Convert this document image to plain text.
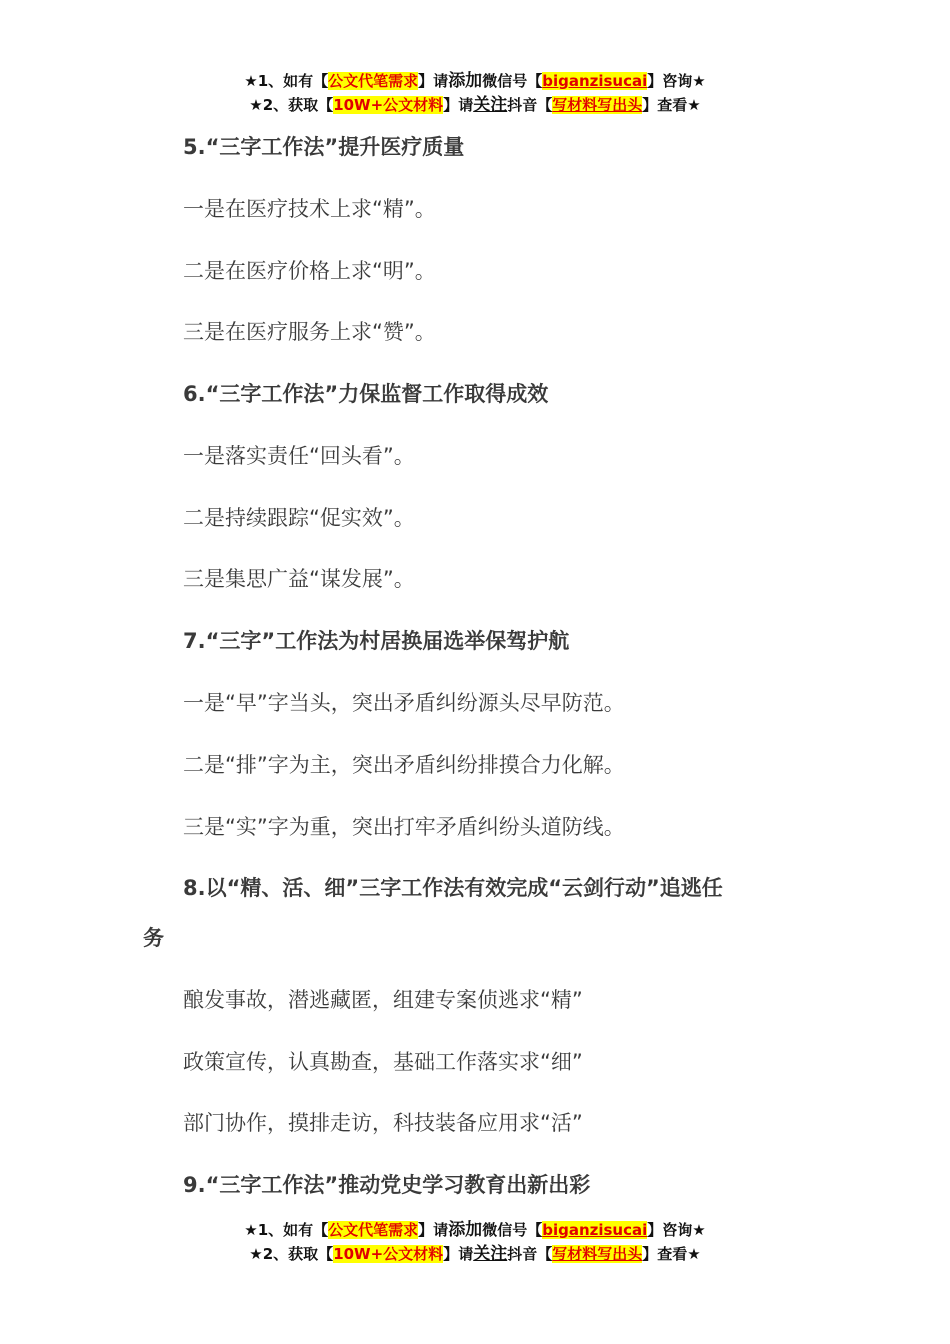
★1、如有【公文代笔需求】请添加微信号【biganzisucai】咨询★
★2、获取【10W+公文材料】请关注抖音【写材料写出头】查看★
5.“三字工作法”提升医疗质量
一是在医疗技术上求“精”。
二是在医疗价格上求“明”。
三是在医疗服务上求“赞”。
6.“三字工作法”力保监督工作取得成效
一是落实责任“回头看”。
二是持续跟踪“促实效”。
三是集思广益“谋发展”。
7.“三字”工作法为村居换届选举保驾护航
一是“早”字当头，突出矛盾纠纷源头尽早防范。
二是“排”字为主，突出矛盾纠纷排摸合力化解。
三是“实”字为重，突出打牢矛盾纠纷头道防线。
8.以“精、活、细”三字工作法有效完成“云剑行动”追逃任
务
酿发事故，潜逃藏匿，组建专案侦逃求“精”
政策宣传，认真勘查，基础工作落实求“细”
部门协作，摸排走访，科技装备应用求“活”
9.“三字工作法”推动党史学习教育出新出彩
★1、如有【公文代笔需求】请添加微信号【biganzisucai】咨询★
★2、获取【10W+公文材料】请关注抖音【写材料写出头】查看★
